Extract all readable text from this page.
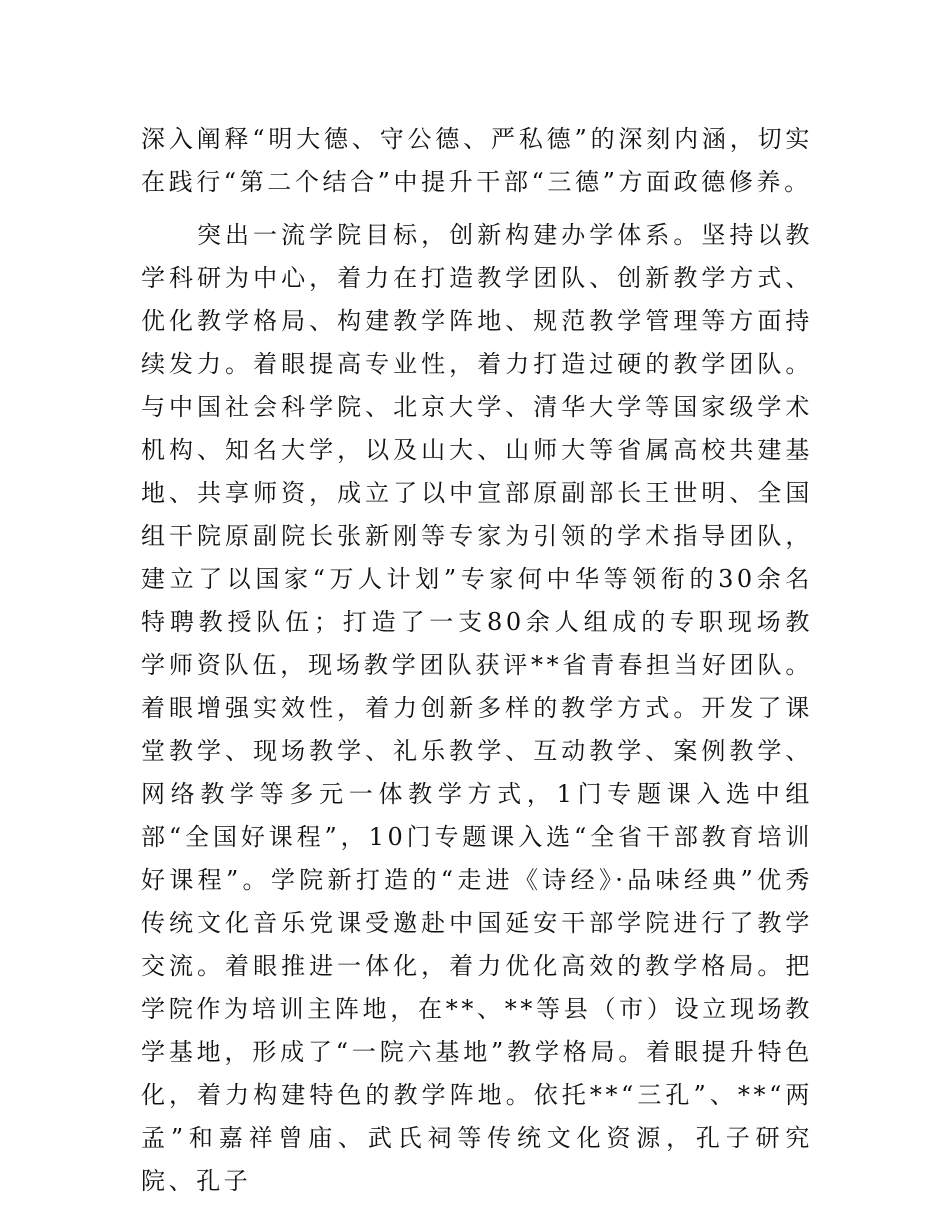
深入阐释“明大德、守公德、严私德”的深刻内涵，切实在践行“第二个结合”中提升干部“三德”方面政德修养。

突出一流学院目标，创新构建办学体系。坚持以教学科研为中心，着力在打造教学团队、创新教学方式、优化教学格局、构建教学阵地、规范教学管理等方面持续发力。着眼提高专业性，着力打造过硬的教学团队。与中国社会科学院、北京大学、清华大学等国家级学术机构、知名大学，以及山大、山师大等省属高校共建基地、共享师资，成立了以中宣部原副部长王世明、全国组干院原副院长张新刚等专家为引领的学术指导团队，建立了以国家“万人计划”专家何中华等领衔的30余名特聘教授队伍；打造了一支80余人组成的专职现场教学师资队伍，现场教学团队获评**省青春担当好团队。着眼增强实效性，着力创新多样的教学方式。开发了课堂教学、现场教学、礼乐教学、互动教学、案例教学、网络教学等多元一体教学方式，1门专题课入选中组部“全国好课程”，10门专题课入选“全省干部教育培训好课程”。学院新打造的“走进《诗经》·品味经典”优秀传统文化音乐党课受邀赴中国延安干部学院进行了教学交流。着眼推进一体化，着力优化高效的教学格局。把学院作为培训主阵地，在**、**等县（市）设立现场教学基地，形成了“一院六基地”教学格局。着眼提升特色化，着力构建特色的教学阵地。依托**“三孔”、**“两孟”和嘉祥曾庙、武氏祠等传统文化资源，孔子研究院、孔子
